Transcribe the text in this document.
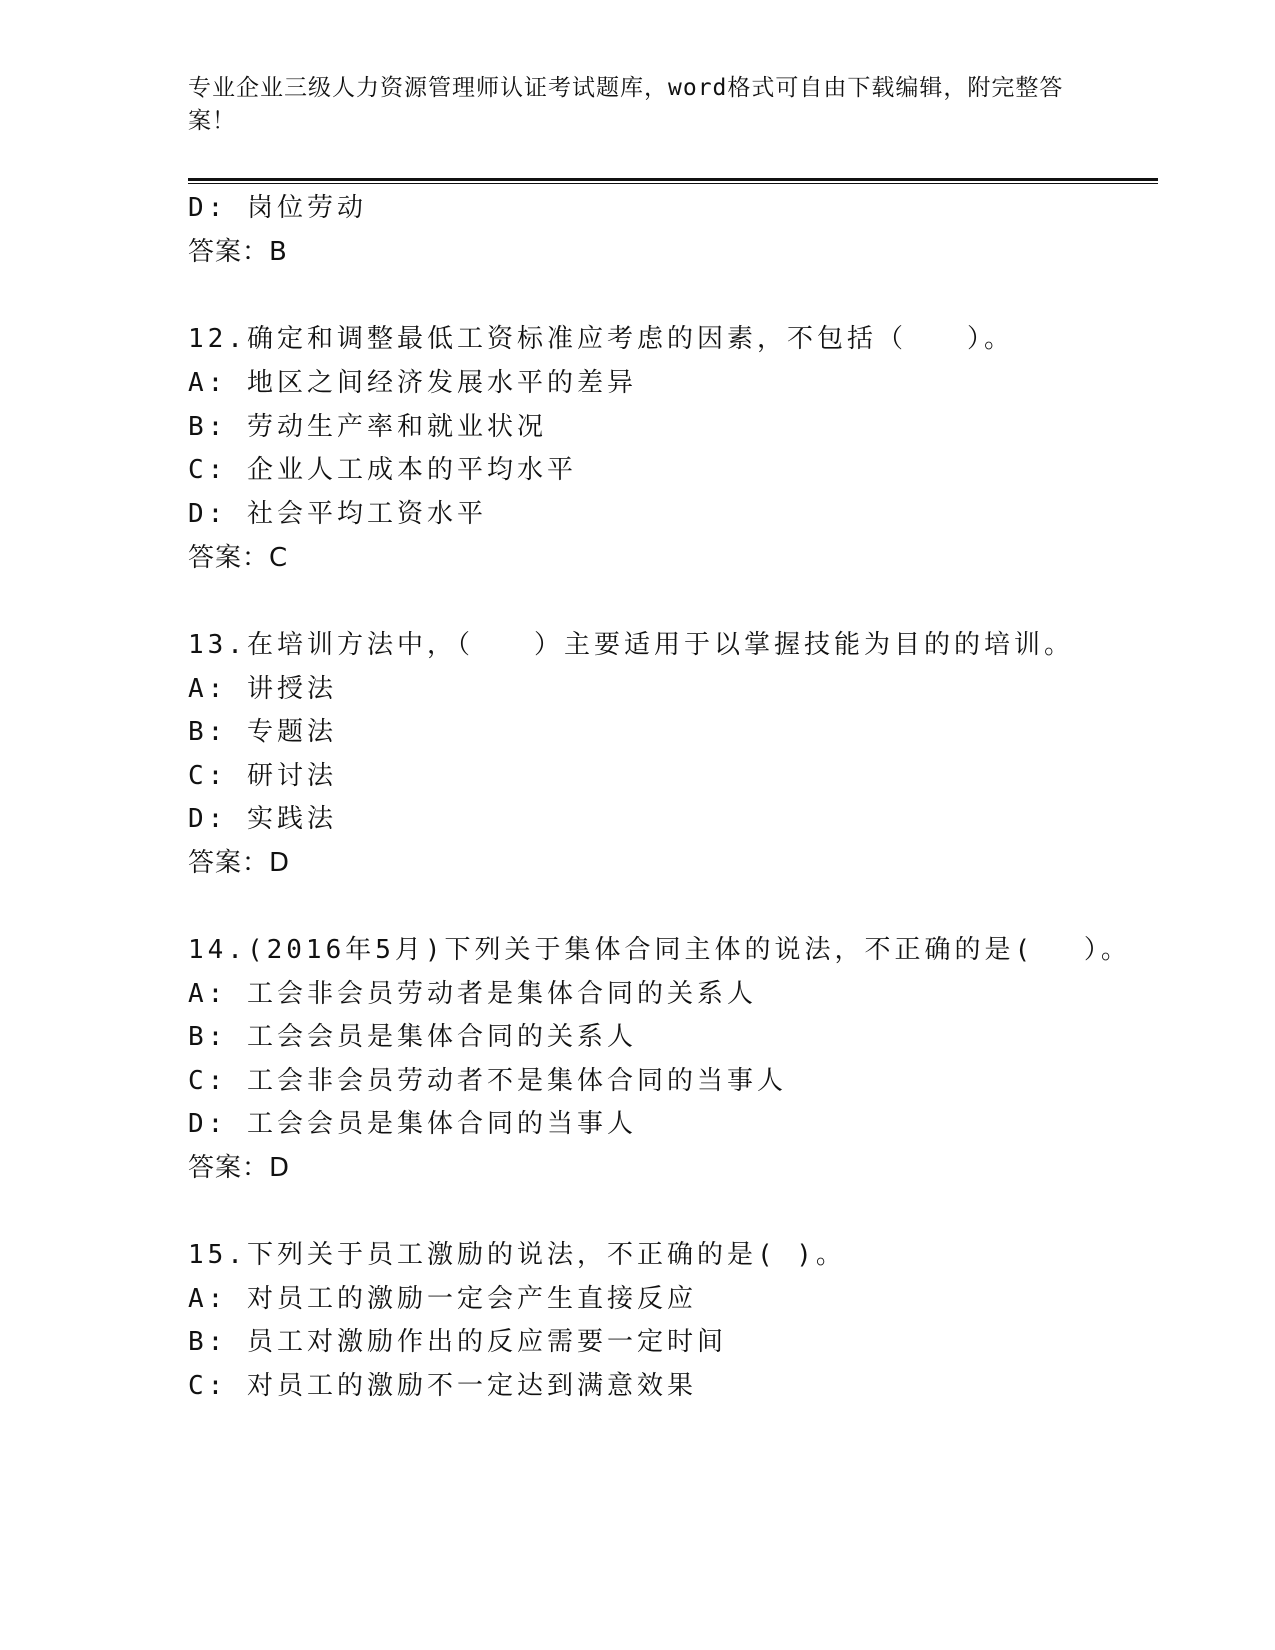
专业企业三级人力资源管理师认证考试题库，word格式可自由下载编辑，附完整答案！
D: 岗位劳动
答案：B
12.确定和调整最低工资标准应考虑的因素，不包括（　　）。
A: 地区之间经济发展水平的差异
B: 劳动生产率和就业状况
C: 企业人工成本的平均水平
D: 社会平均工资水平
答案：C
13.在培训方法中，（　　）主要适用于以掌握技能为目的的培训。
A: 讲授法
B: 专题法
C: 研讨法
D: 实践法
答案：D
14.(2016年5月)下列关于集体合同主体的说法，不正确的是(　 ）。
A: 工会非会员劳动者是集体合同的关系人
B: 工会会员是集体合同的关系人
C: 工会非会员劳动者不是集体合同的当事人
D: 工会会员是集体合同的当事人
答案：D
15.下列关于员工激励的说法，不正确的是( )。
A: 对员工的激励一定会产生直接反应
B: 员工对激励作出的反应需要一定时间
C: 对员工的激励不一定达到满意效果
